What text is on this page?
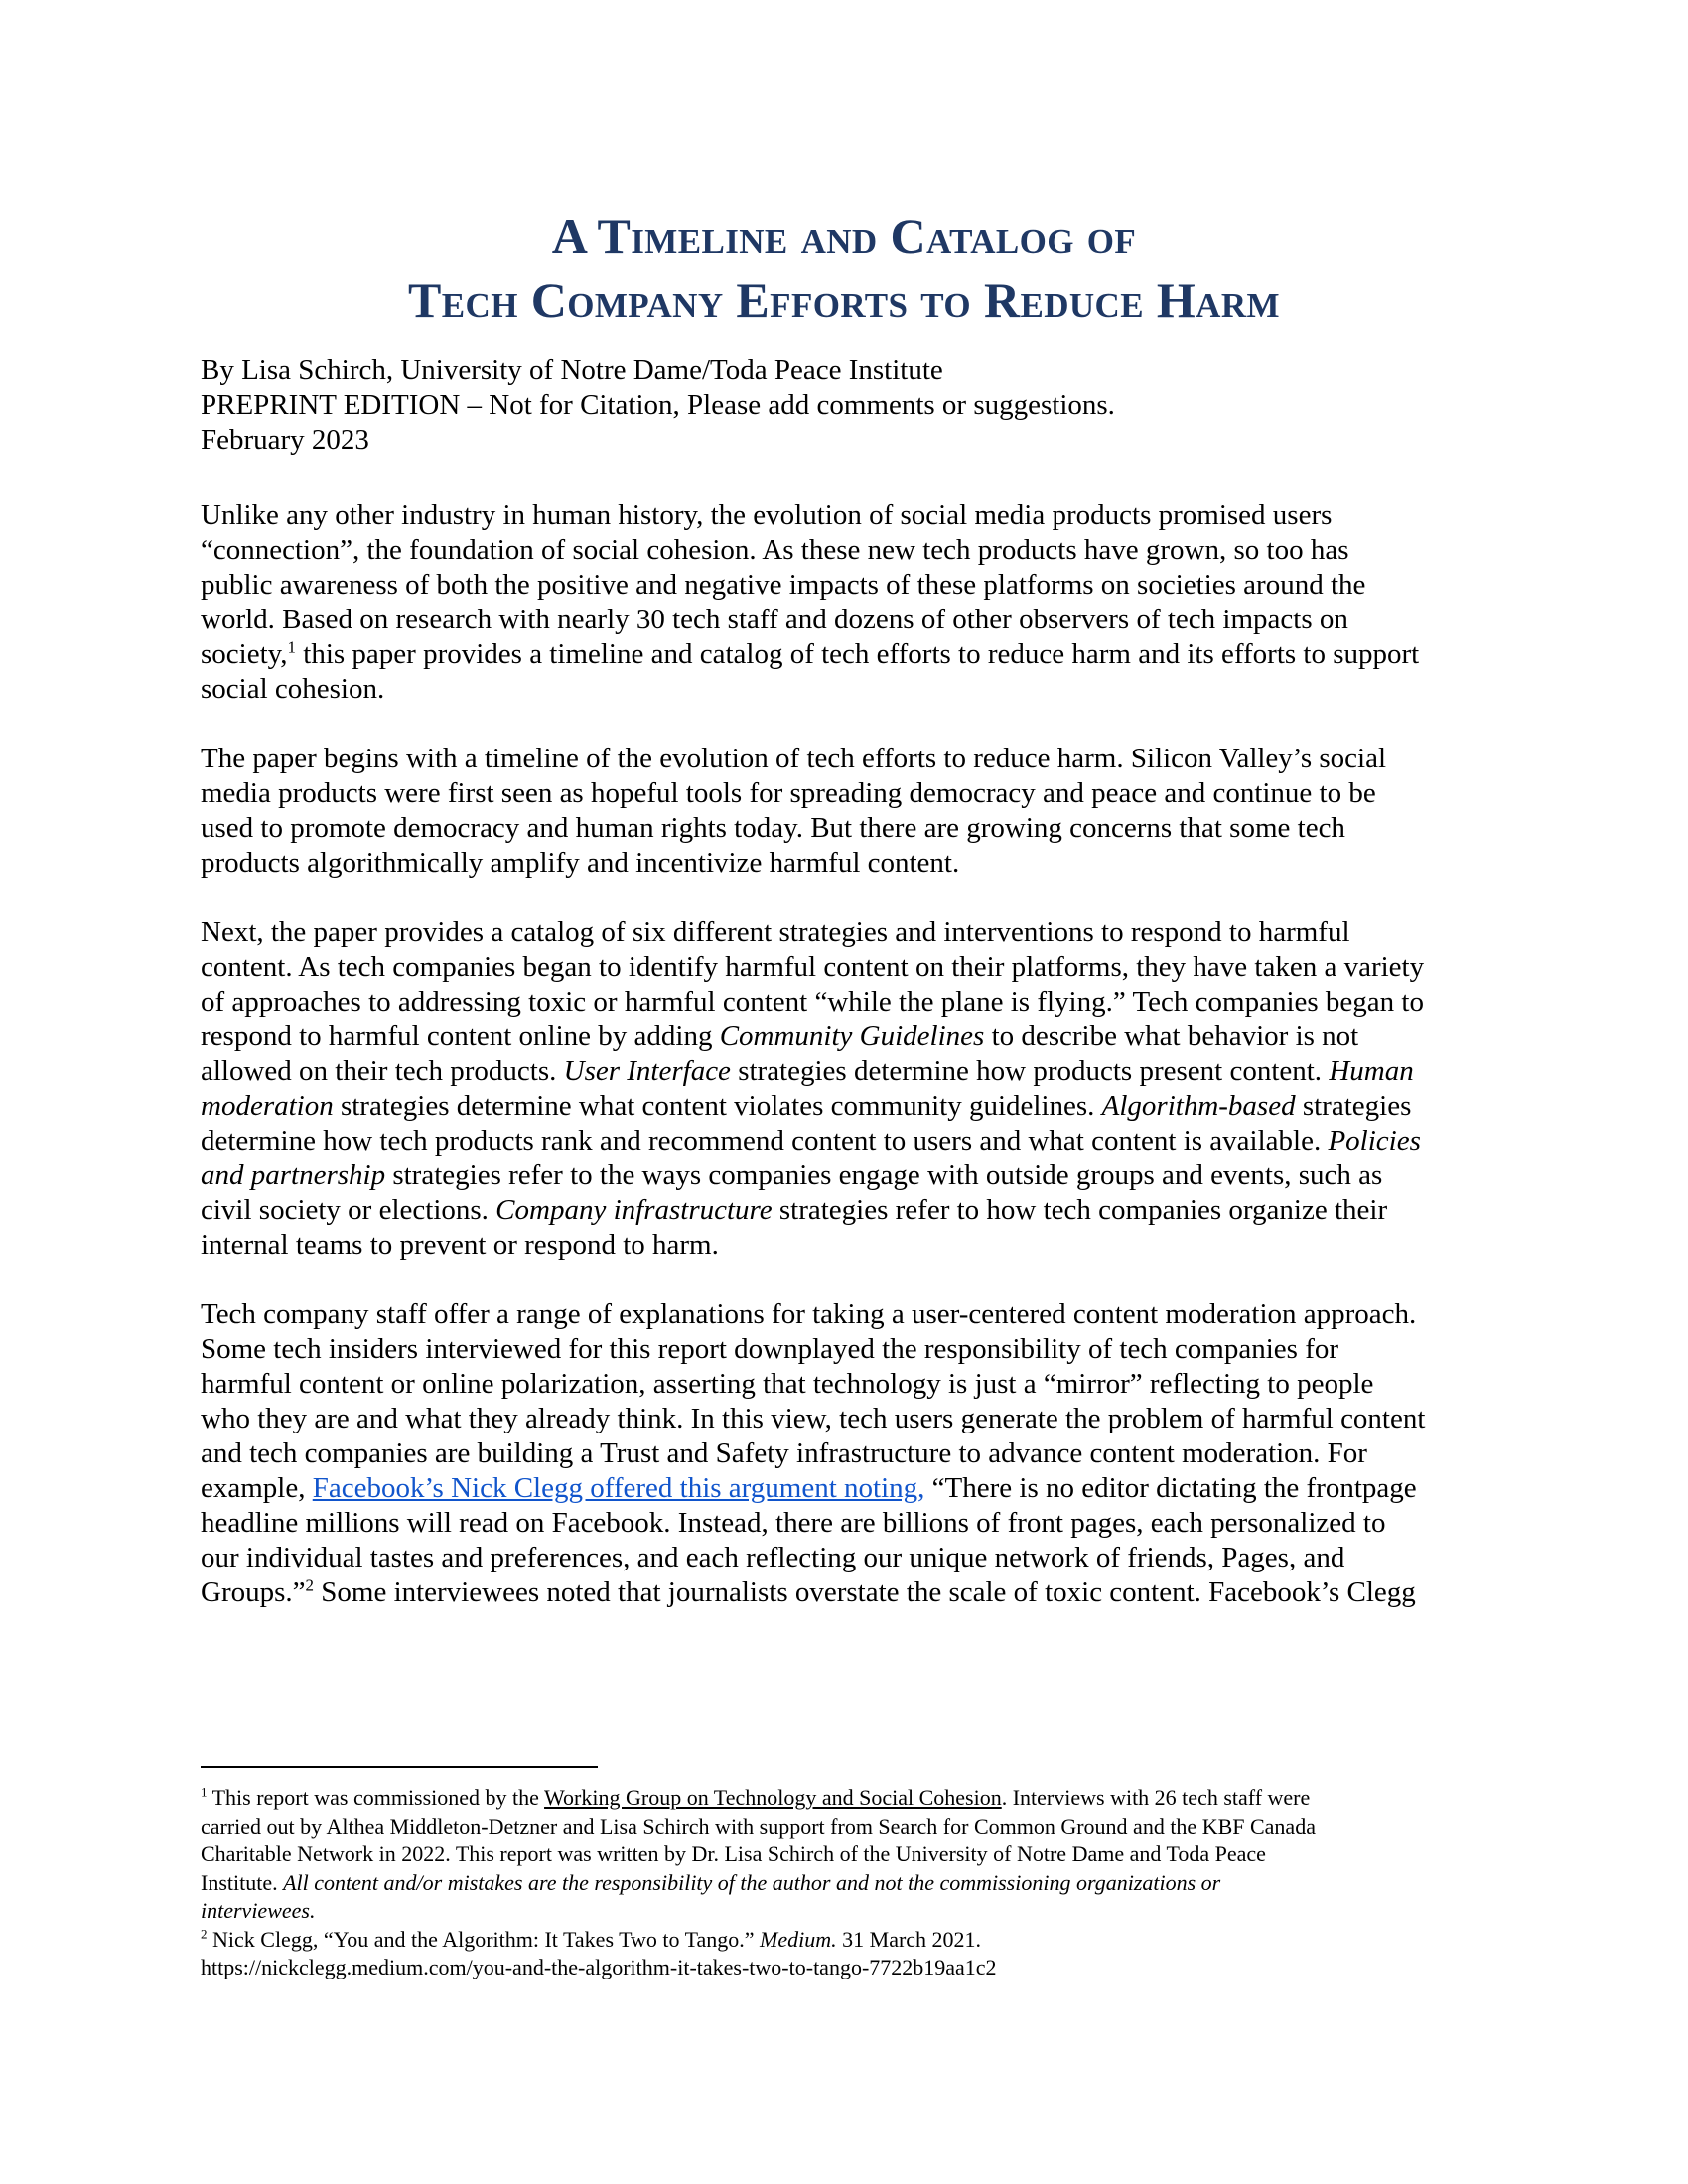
A Timeline and Catalog of
Tech Company Efforts to Reduce Harm
By Lisa Schirch, University of Notre Dame/Toda Peace Institute
PREPRINT EDITION – Not for Citation, Please add comments or suggestions.
February 2023

Unlike any other industry in human history, the evolution of social media products promised users
“connection”, the foundation of social cohesion. As these new tech products have grown, so too has
public awareness of both the positive and negative impacts of these platforms on societies around the
world. Based on research with nearly 30 tech staff and dozens of other observers of tech impacts on
society,$^1$ this paper provides a timeline and catalog of tech efforts to reduce harm and its efforts to support
social cohesion.

The paper begins with a timeline of the evolution of tech efforts to reduce harm. Silicon Valley’s social
media products were first seen as hopeful tools for spreading democracy and peace and continue to be
used to promote democracy and human rights today. But there are growing concerns that some tech
products algorithmically amplify and incentivize harmful content.

Next, the paper provides a catalog of six different strategies and interventions to respond to harmful
content. As tech companies began to identify harmful content on their platforms, they have taken a variety
of approaches to addressing toxic or harmful content “while the plane is flying.” Tech companies began to
respond to harmful content online by adding Community Guidelines to describe what behavior is not
allowed on their tech products. User Interface strategies determine how products present content. Human
moderation strategies determine what content violates community guidelines. Algorithm-based strategies
determine how tech products rank and recommend content to users and what content is available. Policies
and partnership strategies refer to the ways companies engage with outside groups and events, such as
civil society or elections. Company infrastructure strategies refer to how tech companies organize their
internal teams to prevent or respond to harm.

Tech company staff offer a range of explanations for taking a user-centered content moderation approach.
Some tech insiders interviewed for this report downplayed the responsibility of tech companies for
harmful content or online polarization, asserting that technology is just a “mirror” reflecting to people
who they are and what they already think. In this view, tech users generate the problem of harmful content
and tech companies are building a Trust and Safety infrastructure to advance content moderation. For
example, Facebook’s Nick Clegg offered this argument noting, “There is no editor dictating the frontpage
headline millions will read on Facebook. Instead, there are billions of front pages, each personalized to
our individual tastes and preferences, and each reflecting our unique network of friends, Pages, and
Groups.”$^2$ Some interviewees noted that journalists overstate the scale of toxic content. Facebook’s Clegg

$^1$ This report was commissioned by the Working Group on Technology and Social Cohesion. Interviews with 26 tech staff were
carried out by Althea Middleton-Detzner and Lisa Schirch with support from Search for Common Ground and the KBF Canada
Charitable Network in 2022. This report was written by Dr. Lisa Schirch of the University of Notre Dame and Toda Peace
Institute. All content and/or mistakes are the responsibility of the author and not the commissioning organizations or
interviewees.
$^2$ Nick Clegg, “You and the Algorithm: It Takes Two to Tango.” Medium. 31 March 2021.
https://nickclegg.medium.com/you-and-the-algorithm-it-takes-two-to-tango-7722b19aa1c2
